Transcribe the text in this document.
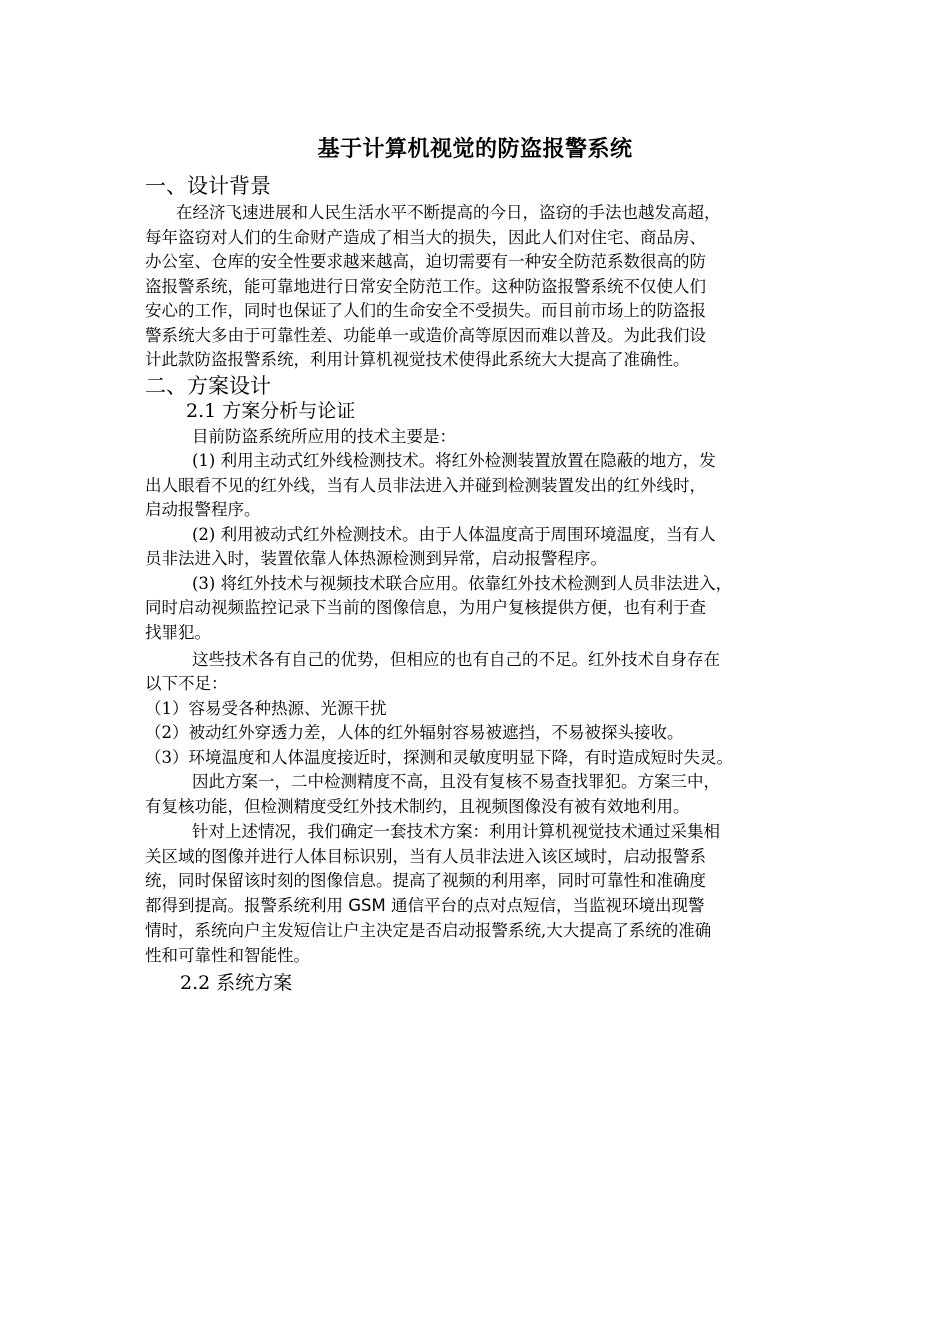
基于计算机视觉的防盗报警系统
一、设计背景
在经济飞速进展和人民生活水平不断提高的今日，盗窃的手法也越发高超，
每年盗窃对人们的生命财产造成了相当大的损失，因此人们对住宅、商品房、
办公室、仓库的安全性要求越来越高，迫切需要有一种安全防范系数很高的防
盗报警系统，能可靠地进行日常安全防范工作。这种防盗报警系统不仅使人们
安心的工作，同时也保证了人们的生命安全不受损失。而目前市场上的防盗报
警系统大多由于可靠性差、功能单一或造价高等原因而难以普及。为此我们设
计此款防盗报警系统，利用计算机视觉技术使得此系统大大提高了准确性。
二、方案设计
2.1 方案分析与论证
目前防盗系统所应用的技术主要是：
(1) 利用主动式红外线检测技术。将红外检测装置放置在隐蔽的地方，发
出人眼看不见的红外线，当有人员非法进入并碰到检测装置发出的红外线时，
启动报警程序。
(2) 利用被动式红外检测技术。由于人体温度高于周围环境温度，当有人
员非法进入时，装置依靠人体热源检测到异常，启动报警程序。
(3) 将红外技术与视频技术联合应用。依靠红外技术检测到人员非法进入，
同时启动视频监控记录下当前的图像信息，为用户复核提供方便，也有利于查
找罪犯。
这些技术各有自己的优势，但相应的也有自己的不足。红外技术自身存在
以下不足：
（1）容易受各种热源、光源干扰
（2）被动红外穿透力差，人体的红外辐射容易被遮挡，不易被探头接收。
（3）环境温度和人体温度接近时，探测和灵敏度明显下降，有时造成短时失灵。
因此方案一，二中检测精度不高，且没有复核不易查找罪犯。方案三中，
有复核功能，但检测精度受红外技术制约，且视频图像没有被有效地利用。
针对上述情况，我们确定一套技术方案：利用计算机视觉技术通过采集相
关区域的图像并进行人体目标识别，当有人员非法进入该区域时，启动报警系
统，同时保留该时刻的图像信息。提高了视频的利用率，同时可靠性和准确度
都得到提高。报警系统利用 GSM 通信平台的点对点短信，当监视环境出现警
情时，系统向户主发短信让户主决定是否启动报警系统,大大提高了系统的准确
性和可靠性和智能性。
2.2 系统方案
